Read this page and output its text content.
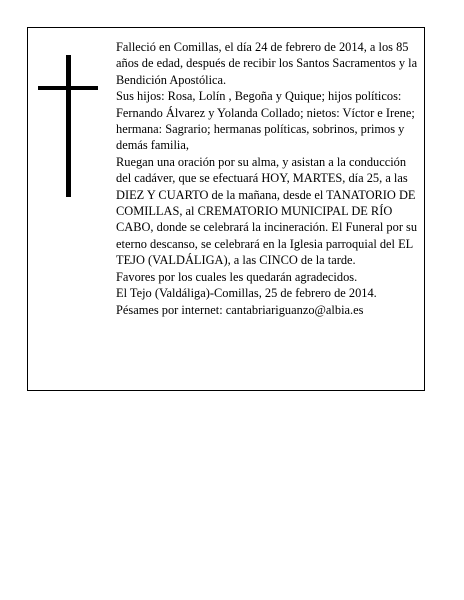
Falleció en Comillas, el día 24 de febrero de 2014, a los 85 años de edad, después de recibir los Santos Sacramentos y la Bendición Apostólica.

Sus hijos: Rosa, Lolín , Begoña y Quique; hijos políticos: Fernando Álvarez y Yolanda Collado; nietos: Víctor e Irene; hermana: Sagrario; hermanas políticas, sobrinos, primos y demás familia,

Ruegan una oración por su alma, y asistan a la conducción del cadáver, que se efectuará HOY, MARTES, día 25, a las DIEZ Y CUARTO de la mañana, desde el TANATORIO DE COMILLAS, al CREMATORIO MUNICIPAL DE RÍO CABO, donde se celebrará la incineración. El Funeral por su eterno descanso, se celebrará en la Iglesia parroquial del EL TEJO (VALDÁLIGA), a las CINCO de la tarde.

Favores por los cuales les quedarán agradecidos.

El Tejo (Valdáliga)-Comillas, 25 de febrero de 2014.

Pésames por internet: cantabriariguanzo@albia.es
